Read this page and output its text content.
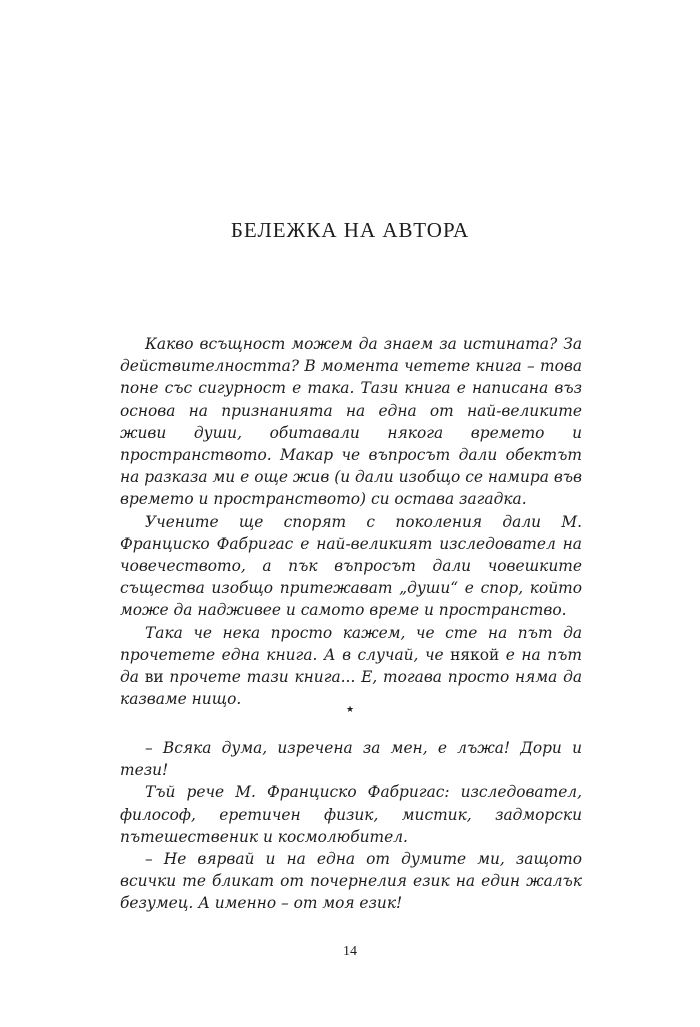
БЕЛЕЖКА НА АВТОРА

Какво всъщност можем да знаем за истината? За действителността? В момента четете книга – това поне със сигурност е така. Тази книга е написана въз основа на признанията на една от най-великите живи души, обитавали някога времето и пространството. Макар че въпросът дали обектът на разказа ми е още жив (и дали изобщо се намира във времето и пространството) си остава загадка.

Учените ще спорят с поколения дали М. Франциско Фабригас е най-великият изследовател на човечеството, а пък въпросът дали човешките същества изобщо притежават „души“ е спор, който може да надживее и самото време и пространство.

Така че нека просто кажем, че сте на път да прочетете една книга. А в случай, че някой е на път да ви прочете тази книга... Е, тогава просто няма да казваме нищо.

★

– Всяка дума, изречена за мен, е лъжа! Дори и тези!

Тъй рече М. Франциско Фабригас: изследовател, философ, еретичен физик, мистик, задморски пътешественик и космолюбител.

– Не вярвай и на една от думите ми, защото всички те бликат от почернелия език на един жалък безумец. А именно – от моя език!

14
